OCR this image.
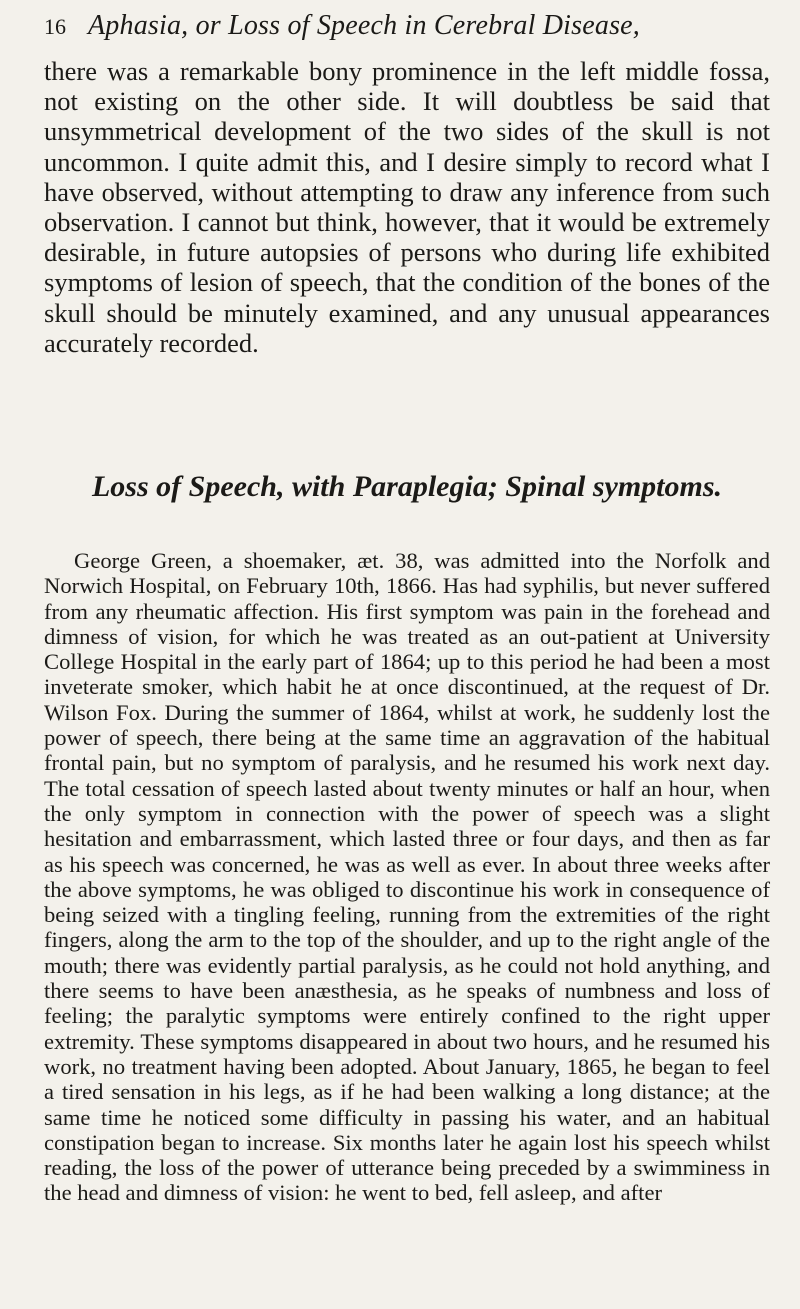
16 Aphasia, or Loss of Speech in Cerebral Disease,

there was a remarkable bony prominence in the left middle fossa, not existing on the other side. It will doubtless be said that unsymmetrical development of the two sides of the skull is not uncommon. I quite admit this, and I desire simply to record what I have observed, without attempting to draw any inference from such observation. I cannot but think, however, that it would be extremely desirable, in future autopsies of persons who during life exhibited symptoms of lesion of speech, that the condition of the bones of the skull should be minutely examined, and any unusual appearances accurately recorded.

Loss of Speech, with Paraplegia; Spinal symptoms.

George Green, a shoemaker, æt. 38, was admitted into the Norfolk and Norwich Hospital, on February 10th, 1866. Has had syphilis, but never suffered from any rheumatic affection. His first symptom was pain in the forehead and dimness of vision, for which he was treated as an out-patient at University College Hospital in the early part of 1864; up to this period he had been a most inveterate smoker, which habit he at once discontinued, at the request of Dr. Wilson Fox. During the summer of 1864, whilst at work, he suddenly lost the power of speech, there being at the same time an aggravation of the habitual frontal pain, but no symptom of paralysis, and he resumed his work next day. The total cessation of speech lasted about twenty minutes or half an hour, when the only symptom in connection with the power of speech was a slight hesitation and embarrassment, which lasted three or four days, and then as far as his speech was concerned, he was as well as ever. In about three weeks after the above symptoms, he was obliged to discontinue his work in consequence of being seized with a tingling feeling, running from the extremities of the right fingers, along the arm to the top of the shoulder, and up to the right angle of the mouth; there was evidently partial paralysis, as he could not hold anything, and there seems to have been anæsthesia, as he speaks of numbness and loss of feeling; the paralytic symptoms were entirely confined to the right upper extremity. These symptoms disappeared in about two hours, and he resumed his work, no treatment having been adopted. About January, 1865, he began to feel a tired sensation in his legs, as if he had been walking a long distance; at the same time he noticed some difficulty in passing his water, and an habitual constipation began to increase. Six months later he again lost his speech whilst reading, the loss of the power of utterance being preceded by a swimminess in the head and dimness of vision: he went to bed, fell asleep, and after
